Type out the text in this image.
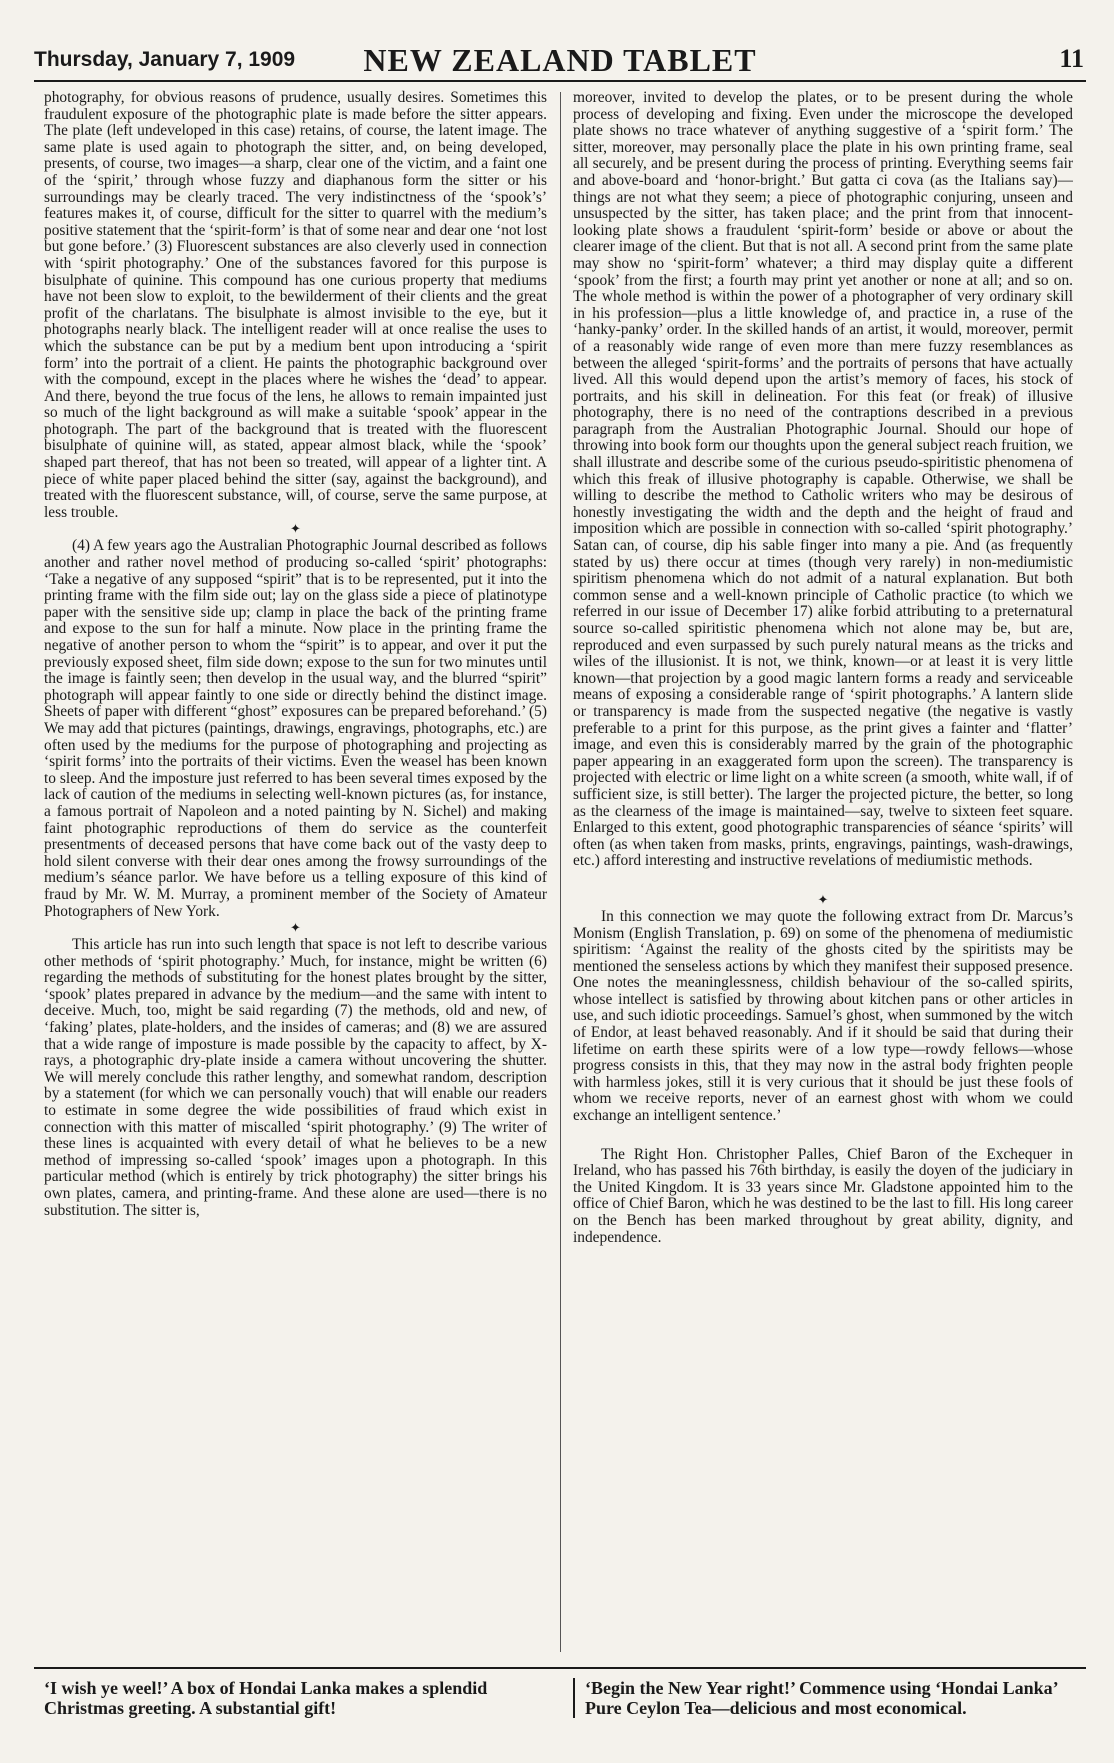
Thursday, January 7, 1909	NEW ZEALAND TABLET	11

photography, for obvious reasons of prudence, usually desires. Sometimes this fraudulent exposure of the photographic plate is made before the sitter appears. The plate (left undeveloped in this case) retains, of course, the latent image. The same plate is used again to photograph the sitter, and, on being developed, presents, of course, two images—a sharp, clear one of the victim, and a faint one of the ‘spirit,’ through whose fuzzy and diaphanous form the sitter or his surroundings may be clearly traced. The very indistinctness of the ‘spook’s’ features makes it, of course, difficult for the sitter to quarrel with the medium’s positive statement that the ‘spirit-form’ is that of some near and dear one ‘not lost but gone before.’ (3) Fluorescent substances are also cleverly used in connection with ‘spirit photography.’ One of the substances favored for this purpose is bisulphate of quinine. This compound has one curious property that mediums have not been slow to exploit, to the bewilderment of their clients and the great profit of the charlatans. The bisulphate is almost invisible to the eye, but it photographs nearly black. The intelligent reader will at once realise the uses to which the substance can be put by a medium bent upon introducing a ‘spirit form’ into the portrait of a client. He paints the photographic background over with the compound, except in the places where he wishes the ‘dead’ to appear. And there, beyond the true focus of the lens, he allows to remain impainted just so much of the light background as will make a suitable ‘spook’ appear in the photograph. The part of the background that is treated with the fluorescent bisulphate of quinine will, as stated, appear almost black, while the ‘spook’ shaped part thereof, that has not been so treated, will appear of a lighter tint. A piece of white paper placed behind the sitter (say, against the background), and treated with the fluorescent substance, will, of course, serve the same purpose, at less trouble.

✦

(4) A few years ago the Australian Photographic Journal described as follows another and rather novel method of producing so-called ‘spirit’ photographs: ‘Take a negative of any supposed “spirit” that is to be represented, put it into the printing frame with the film side out; lay on the glass side a piece of platinotype paper with the sensitive side up; clamp in place the back of the printing frame and expose to the sun for half a minute. Now place in the printing frame the negative of another person to whom the “spirit” is to appear, and over it put the previously exposed sheet, film side down; expose to the sun for two minutes until the image is faintly seen; then develop in the usual way, and the blurred “spirit” photograph will appear faintly to one side or directly behind the distinct image. Sheets of paper with different “ghost” exposures can be prepared beforehand.’ (5) We may add that pictures (paintings, drawings, engravings, photographs, etc.) are often used by the mediums for the purpose of photographing and projecting as ‘spirit forms’ into the portraits of their victims. Even the weasel has been known to sleep. And the imposture just referred to has been several times exposed by the lack of caution of the mediums in selecting well-known pictures (as, for instance, a famous portrait of Napoleon and a noted painting by N. Sichel) and making faint photographic reproductions of them do service as the counterfeit presentments of deceased persons that have come back out of the vasty deep to hold silent converse with their dear ones among the frowsy surroundings of the medium’s séance parlor. We have before us a telling exposure of this kind of fraud by Mr. W. M. Murray, a prominent member of the Society of Amateur Photographers of New York.

✦

This article has run into such length that space is not left to describe various other methods of ‘spirit photography.’ Much, for instance, might be written (6) regarding the methods of substituting for the honest plates brought by the sitter, ‘spook’ plates prepared in advance by the medium—and the same with intent to deceive. Much, too, might be said regarding (7) the methods, old and new, of ‘faking’ plates, plate-holders, and the insides of cameras; and (8) we are assured that a wide range of imposture is made possible by the capacity to affect, by X-rays, a photographic dry-plate inside a camera without uncovering the shutter. We will merely conclude this rather lengthy, and somewhat random, description by a statement (for which we can personally vouch) that will enable our readers to estimate in some degree the wide possibilities of fraud which exist in connection with this matter of miscalled ‘spirit photography.’ (9) The writer of these lines is acquainted with every detail of what he believes to be a new method of impressing so-called ‘spook’ images upon a photograph. In this particular method (which is entirely by trick photography) the sitter brings his own plates, camera, and printing-frame. And these alone are used—there is no substitution. The sitter is,

moreover, invited to develop the plates, or to be present during the whole process of developing and fixing. Even under the microscope the developed plate shows no trace whatever of anything suggestive of a ‘spirit form.’ The sitter, moreover, may personally place the plate in his own printing frame, seal all securely, and be present during the process of printing. Everything seems fair and above-board and ‘honor-bright.’ But gatta ci cova (as the Italians say)—things are not what they seem; a piece of photographic conjuring, unseen and unsuspected by the sitter, has taken place; and the print from that innocent-looking plate shows a fraudulent ‘spirit-form’ beside or above or about the clearer image of the client. But that is not all. A second print from the same plate may show no ‘spirit-form’ whatever; a third may display quite a different ‘spook’ from the first; a fourth may print yet another or none at all; and so on. The whole method is within the power of a photographer of very ordinary skill in his profession—plus a little knowledge of, and practice in, a ruse of the ‘hanky-panky’ order. In the skilled hands of an artist, it would, moreover, permit of a reasonably wide range of even more than mere fuzzy resemblances as between the alleged ‘spirit-forms’ and the portraits of persons that have actually lived. All this would depend upon the artist’s memory of faces, his stock of portraits, and his skill in delineation. For this feat (or freak) of illusive photography, there is no need of the contraptions described in a previous paragraph from the Australian Photographic Journal. Should our hope of throwing into book form our thoughts upon the general subject reach fruition, we shall illustrate and describe some of the curious pseudo-spiritistic phenomena of which this freak of illusive photography is capable. Otherwise, we shall be willing to describe the method to Catholic writers who may be desirous of honestly investigating the width and the depth and the height of fraud and imposition which are possible in connection with so-called ‘spirit photography.’ Satan can, of course, dip his sable finger into many a pie. And (as frequently stated by us) there occur at times (though very rarely) in non-mediumistic spiritism phenomena which do not admit of a natural explanation. But both common sense and a well-known principle of Catholic practice (to which we referred in our issue of December 17) alike forbid attributing to a preternatural source so-called spiritistic phenomena which not alone may be, but are, reproduced and even surpassed by such purely natural means as the tricks and wiles of the illusionist. It is not, we think, known—or at least it is very little known—that projection by a good magic lantern forms a ready and serviceable means of exposing a considerable range of ‘spirit photographs.’ A lantern slide or transparency is made from the suspected negative (the negative is vastly preferable to a print for this purpose, as the print gives a fainter and ‘flatter’ image, and even this is considerably marred by the grain of the photographic paper appearing in an exaggerated form upon the screen). The transparency is projected with electric or lime light on a white screen (a smooth, white wall, if of sufficient size, is still better). The larger the projected picture, the better, so long as the clearness of the image is maintained—say, twelve to sixteen feet square. Enlarged to this extent, good photographic transparencies of séance ‘spirits’ will often (as when taken from masks, prints, engravings, paintings, wash-drawings, etc.) afford interesting and instructive revelations of mediumistic methods.

✦

In this connection we may quote the following extract from Dr. Marcus’s Monism (English Translation, p. 69) on some of the phenomena of mediumistic spiritism: ‘Against the reality of the ghosts cited by the spiritists may be mentioned the senseless actions by which they manifest their supposed presence. One notes the meaninglessness, childish behaviour of the so-called spirits, whose intellect is satisfied by throwing about kitchen pans or other articles in use, and such idiotic proceedings. Samuel’s ghost, when summoned by the witch of Endor, at least behaved reasonably. And if it should be said that during their lifetime on earth these spirits were of a low type—rowdy fellows—whose progress consists in this, that they may now in the astral body frighten people with harmless jokes, still it is very curious that it should be just these fools of whom we receive reports, never of an earnest ghost with whom we could exchange an intelligent sentence.’

The Right Hon. Christopher Palles, Chief Baron of the Exchequer in Ireland, who has passed his 76th birthday, is easily the doyen of the judiciary in the United Kingdom. It is 33 years since Mr. Gladstone appointed him to the office of Chief Baron, which he was destined to be the last to fill. His long career on the Bench has been marked throughout by great ability, dignity, and independence.

‘I wish ye weel!’ A box of Hondai Lanka makes a splendid Christmas greeting. A substantial gift!
‘Begin the New Year right!’ Commence using ‘Hondai Lanka’ Pure Ceylon Tea—delicious and most economical.
